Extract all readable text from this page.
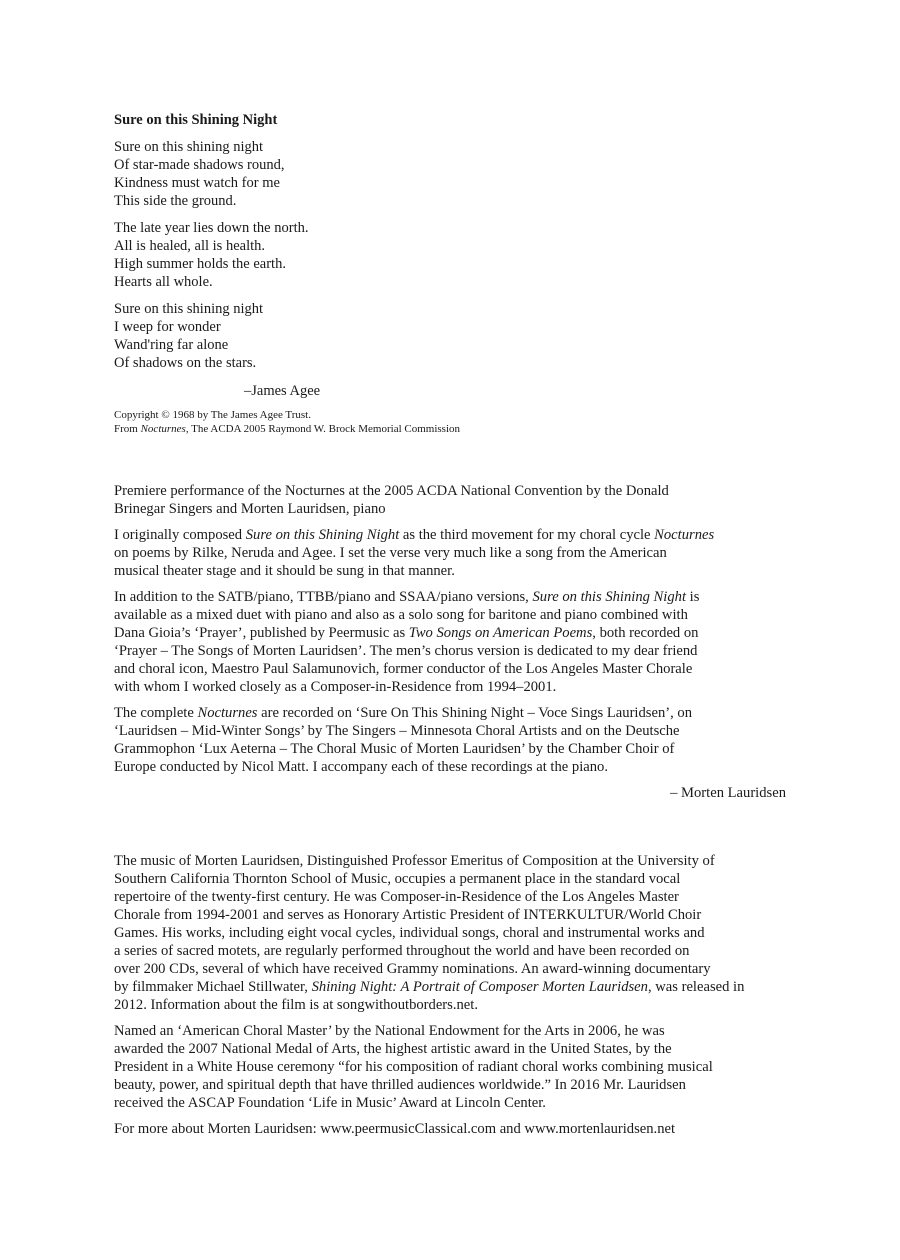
Sure on this Shining Night
Sure on this shining night
Of star-made shadows round,
Kindness must watch for me
This side the ground.
The late year lies down the north.
All is healed, all is health.
High summer holds the earth.
Hearts all whole.
Sure on this shining night
I weep for wonder
Wand'ring far alone
Of shadows on the stars.
–James Agee
Copyright © 1968 by The James Agee Trust.
From Nocturnes, The ACDA 2005 Raymond W. Brock Memorial Commission

Premiere performance of the Nocturnes at the 2005 ACDA National Convention by the Donald
Brinegar Singers and Morten Lauridsen, piano

I originally composed Sure on this Shining Night as the third movement for my choral cycle Nocturnes
on poems by Rilke, Neruda and Agee. I set the verse very much like a song from the American
musical theater stage and it should be sung in that manner.

In addition to the SATB/piano, TTBB/piano and SSAA/piano versions, Sure on this Shining Night is
available as a mixed duet with piano and also as a solo song for baritone and piano combined with
Dana Gioia’s ‘Prayer’, published by Peermusic as Two Songs on American Poems, both recorded on
‘Prayer – The Songs of Morten Lauridsen’. The men’s chorus version is dedicated to my dear friend
and choral icon, Maestro Paul Salamunovich, former conductor of the Los Angeles Master Chorale
with whom I worked closely as a Composer-in-Residence from 1994–2001.

The complete Nocturnes are recorded on ‘Sure On This Shining Night – Voce Sings Lauridsen’, on
‘Lauridsen – Mid-Winter Songs’ by The Singers – Minnesota Choral Artists and on the Deutsche
Grammophon ‘Lux Aeterna – The Choral Music of Morten Lauridsen’ by the Chamber Choir of
Europe conducted by Nicol Matt. I accompany each of these recordings at the piano.

– Morten Lauridsen

The music of Morten Lauridsen, Distinguished Professor Emeritus of Composition at the University of
Southern California Thornton School of Music, occupies a permanent place in the standard vocal
repertoire of the twenty-first century. He was Composer-in-Residence of the Los Angeles Master
Chorale from 1994-2001 and serves as Honorary Artistic President of INTERKULTUR/World Choir
Games. His works, including eight vocal cycles, individual songs, choral and instrumental works and
a series of sacred motets, are regularly performed throughout the world and have been recorded on
over 200 CDs, several of which have received Grammy nominations. An award-winning documentary
by filmmaker Michael Stillwater, Shining Night: A Portrait of Composer Morten Lauridsen, was released in
2012. Information about the film is at songwithoutborders.net.

Named an ‘American Choral Master’ by the National Endowment for the Arts in 2006, he was
awarded the 2007 National Medal of Arts, the highest artistic award in the United States, by the
President in a White House ceremony “for his composition of radiant choral works combining musical
beauty, power, and spiritual depth that have thrilled audiences worldwide.” In 2016 Mr. Lauridsen
received the ASCAP Foundation ‘Life in Music’ Award at Lincoln Center.

For more about Morten Lauridsen: www.peermusicClassical.com and www.mortenlauridsen.net
